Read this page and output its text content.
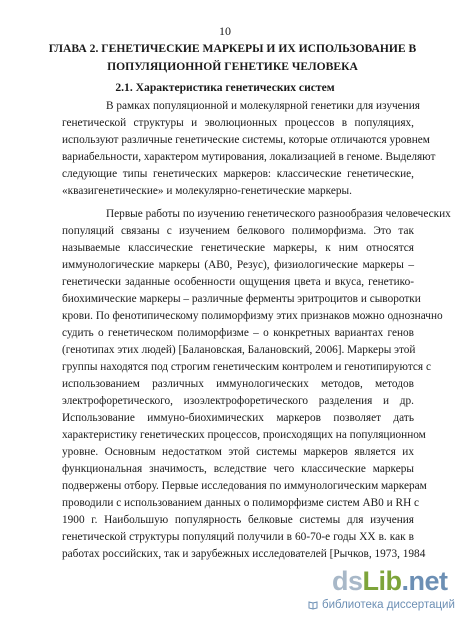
10
ГЛАВА 2. ГЕНЕТИЧЕСКИЕ МАРКЕРЫ И ИХ ИСПОЛЬЗОВАНИЕ В
ПОПУЛЯЦИОННОЙ ГЕНЕТИКЕ ЧЕЛОВЕКА
2.1. Характеристика генетических систем
В рамках популяционной и молекулярной генетики для изучения
генетической структуры и эволюционных процессов в популяциях,
используют различные генетические системы, которые отличаются уровнем
вариабельности, характером мутирования, локализацией в геноме. Выделяют
следующие типы генетических маркеров: классические генетические,
«квазигенетические» и молекулярно-генетические маркеры.
Первые работы по изучению генетического разнообразия человеческих
популяций связаны с изучением белкового полиморфизма. Это так
называемые классические генетические маркеры, к ним относятся
иммунологические маркеры (АВ0, Резус), физиологические маркеры –
генетически заданные особенности ощущения цвета и вкуса, генетико-
биохимические маркеры – различные ферменты эритроцитов и сыворотки
крови. По фенотипическому полиморфизму этих признаков можно однозначно
судить о генетическом полиморфизме – о конкретных вариантах генов
(генотипах этих людей) [Балановская, Балановский, 2006]. Маркеры этой
группы находятся под строгим генетическим контролем и генотипируются с
использованием различных иммунологических методов, методов
электрофоретического, изоэлектрофоретического разделения и др.
Использование иммуно-биохимических маркеров позволяет дать
характеристику генетических процессов, происходящих на популяционном
уровне. Основным недостатком этой системы маркеров является их
функциональная значимость, вследствие чего классические маркеры
подвержены отбору. Первые исследования по иммунологическим маркерам
проводили с использованием данных о полиморфизме систем АВ0 и RH с
1900 г. Наибольшую популярность белковые системы для изучения
генетической структуры популяций получили в 60-70-е годы XX в. как в
работах российских, так и зарубежных исследователей [Рычков, 1973, 1984
dsLib.net
библиотека диссертаций
